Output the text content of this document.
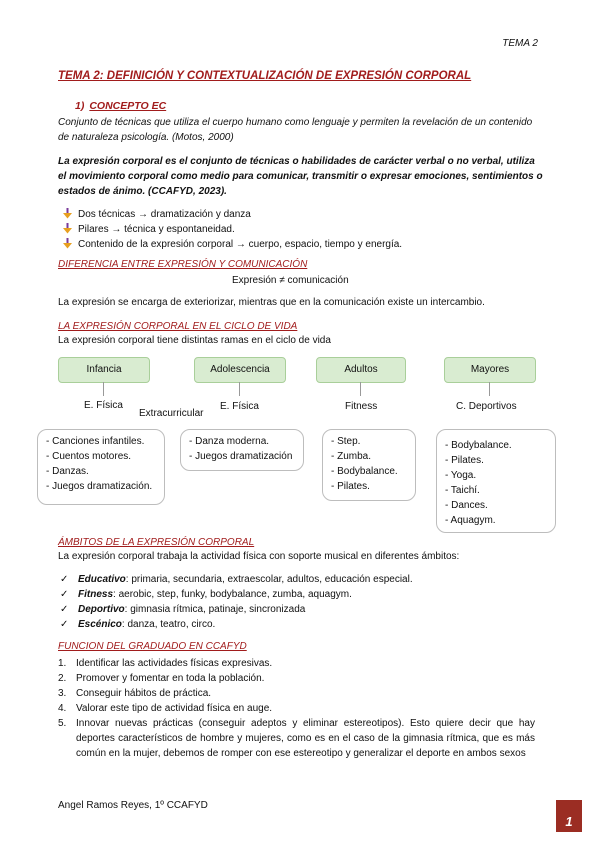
TEMA 2
TEMA 2: DEFINICIÓN Y CONTEXTUALIZACIÓN DE EXPRESIÓN CORPORAL
1) CONCEPTO EC
Conjunto de técnicas que utiliza el cuerpo humano como lenguaje y permiten la revelación de un contenido de naturaleza psicología. (Motos, 2000)
La expresión corporal es el conjunto de técnicas o habilidades de carácter verbal o no verbal, utiliza el movimiento corporal como medio para comunicar, transmitir o expresar emociones, sentimientos o estados de ánimo. (CCAFYD, 2023).
Dos técnicas → dramatización y danza
Pilares → técnica y espontaneidad.
Contenido de la expresión corporal → cuerpo, espacio, tiempo y energía.
DIFERENCIA ENTRE EXPRESIÓN Y COMUNICACIÓN
Expresión ≠ comunicación
La expresión se encarga de exteriorizar, mientras que en la comunicación existe un intercambio.
LA EXPRESIÓN CORPORAL EN EL CICLO DE VIDA
La expresión corporal tiene distintas ramas en el ciclo de vida
Infancia	Adolescencia	Adultos	Mayores
E. Física	E. Física	Fitness	C. Deportivos
Extracurricular
- Canciones infantiles.
- Cuentos motores.
- Danzas.
- Juegos dramatización.
- Danza moderna.
- Juegos dramatización
- Step.
- Zumba.
- Bodybalance.
- Pilates.
- Bodybalance.
- Pilates.
- Yoga.
- Taichí.
- Dances.
- Aquagym.
ÁMBITOS DE LA EXPRESIÓN CORPORAL
La expresión corporal trabaja la actividad física con soporte musical en diferentes ámbitos:
✓ Educativo: primaria, secundaria, extraescolar, adultos, educación especial.
✓ Fitness: aerobic, step, funky, bodybalance, zumba, aquagym.
✓ Deportivo: gimnasia rítmica, patinaje, sincronizada
✓ Escénico: danza, teatro, circo.
FUNCION DEL GRADUADO EN CCAFYD
1. Identificar las actividades físicas expresivas.
2. Promover y fomentar en toda la población.
3. Conseguir hábitos de práctica.
4. Valorar este tipo de actividad física en auge.
5. Innovar nuevas prácticas (conseguir adeptos y eliminar estereotipos). Esto quiere decir que hay deportes característicos de hombre y mujeres, como es en el caso de la gimnasia rítmica, que es más común en la mujer, debemos de romper con ese estereotipo y generalizar el deporte en ambos sexos
Angel Ramos Reyes, 1º CCAFYD
1
